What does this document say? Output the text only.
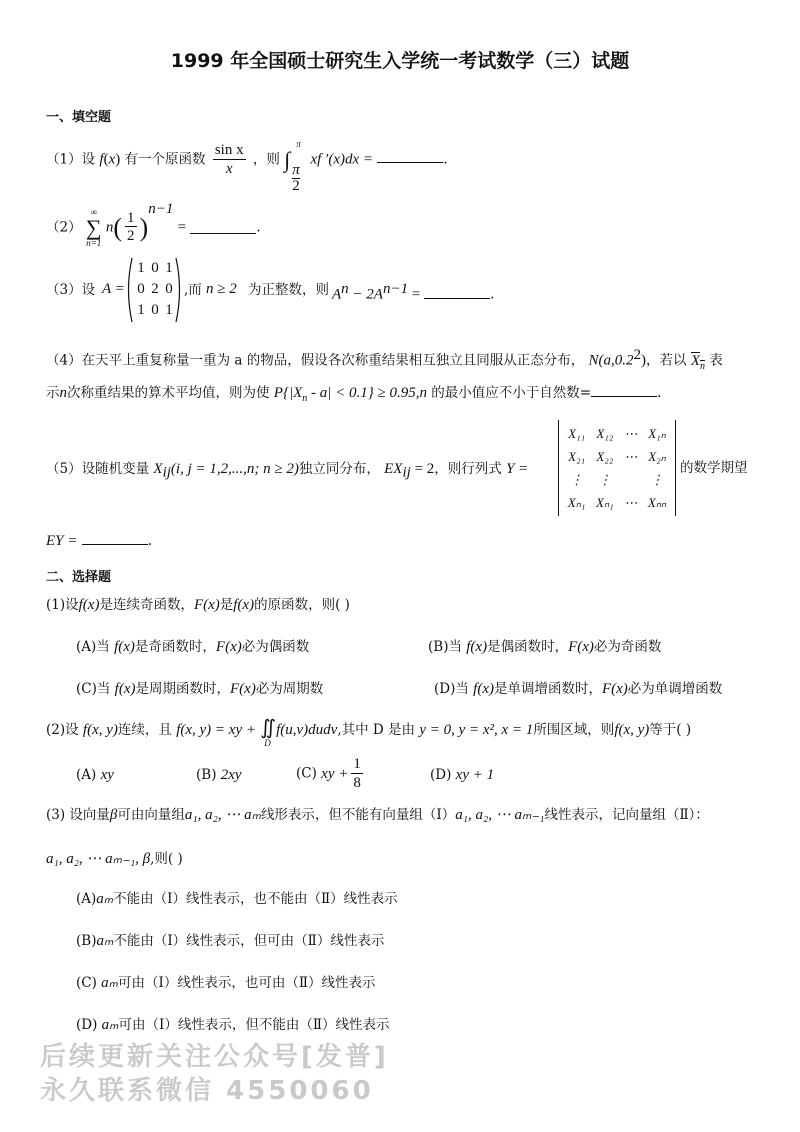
1999 年全国硕士研究生入学统一考试数学（三）试题
一、填空题
（1）设 f(x) 有一个原函数 $\frac{\text{sin x}}{x}$ ，则 ∫
π
π
2
xf ′(x)dx =	.
（2）
∞
∑
n=1
$n( \frac{1}{2} )^{n-1}$ =	.
（3）设 A =
1 0 1
0 2 0
1 0 1
,而 n ≥ 2 为正整数，则 $A^n - 2A^{n-1}$ =	.
（4）在天平上重复称量一重为 a 的物品，假设各次称重结果相互独立且同服从正态分布， N(a,0.2$^2$)，若以 $X_n$ 表
示n次称重结果的算术平均值，则为使 $P\{|X_n - a| < 0.1\} \ge 0.95,n$ 的最小值应不小于自然数=	.
（5）设随机变量 $X_{ij}(i$, j = 1,2,...,n; n ≥ 2)独立同分布， $EX_{ij} = 2$，则行列式 Y =
X₁₁ X₁₂ ⋯ X₁ₙ
X₂₁ X₂₂ ⋯ X₂ₙ
⋮	⋮	⋮
Xₙ₁ Xₙ₁ ⋯ Xₙₙ
的数学期望
EY =	.
二、选择题
(1)设f(x)是连续奇函数，F(x)是f(x)的原函数，则( )
(A)当 f(x)是奇函数时，F(x)必为偶函数	(B)当 f(x)是偶函数时，F(x)必为奇函数
(C)当 f(x)是周期函数时，F(x)必为周期数	(D)当 f(x)是单调增函数时，F(x)必为单调增函数
(2)设 f(x, y)连续，且 f(x, y) = xy + ∬
D
f(u,v)dudv,其中 D 是由 y = 0, y = x², x = 1所围区域，则f(x, y)等于( )
(A) xy	(B) 2xy	(C) xy + $\frac{1}{8}$	(D) xy + 1
(3) 设向量β可由向量组a₁, a₂, ⋯ aₘ线形表示，但不能有向量组（Ⅰ）a₁, a₂, ⋯ aₘ₋₁线性表示，记向量组（Ⅱ）：
a₁, a₂, ⋯ aₘ₋₁, β,则( )
(A)aₘ不能由（Ⅰ）线性表示，也不能由（Ⅱ）线性表示
(B)aₘ不能由（Ⅰ）线性表示，但可由（Ⅱ）线性表示
(C) aₘ可由（Ⅰ）线性表示，也可由（Ⅱ）线性表示
(D) aₘ可由（Ⅰ）线性表示，但不能由（Ⅱ）线性表示
后续更新关注公众号[发普]
永久联系微信 4550060
